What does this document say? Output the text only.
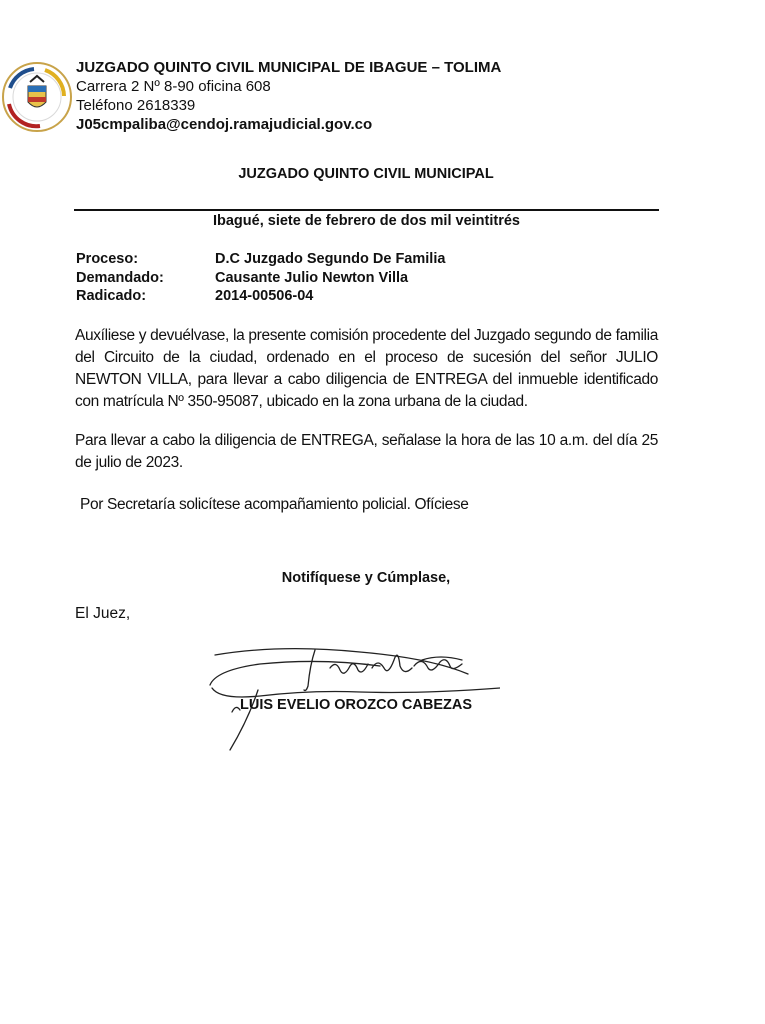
JUZGADO QUINTO CIVIL MUNICIPAL DE IBAGUE – TOLIMA
Carrera 2 Nº 8-90 oficina 608
Teléfono 2618339
J05cmpaliba@cendoj.ramajudicial.gov.co
JUZGADO QUINTO CIVIL MUNICIPAL
Ibagué, siete de febrero de dos mil veintitrés
Proceso:	D.C Juzgado Segundo De Familia
Demandado:	Causante Julio Newton Villa
Radicado:	2014-00506-04
Auxíliese y devuélvase, la presente comisión procedente del Juzgado segundo de familia del Circuito de la ciudad, ordenado en el proceso de sucesión del señor JULIO NEWTON VILLA, para llevar a cabo diligencia de ENTREGA del inmueble identificado con matrícula Nº 350-95087, ubicado en la zona urbana de la ciudad.
Para llevar a cabo la diligencia de ENTREGA, señalase la hora de las 10 a.m. del día 25 de julio de 2023.
Por Secretaría solicítese acompañamiento policial. Ofíciese
Notifíquese y Cúmplase,
El Juez,
LUIS EVELIO OROZCO CABEZAS
